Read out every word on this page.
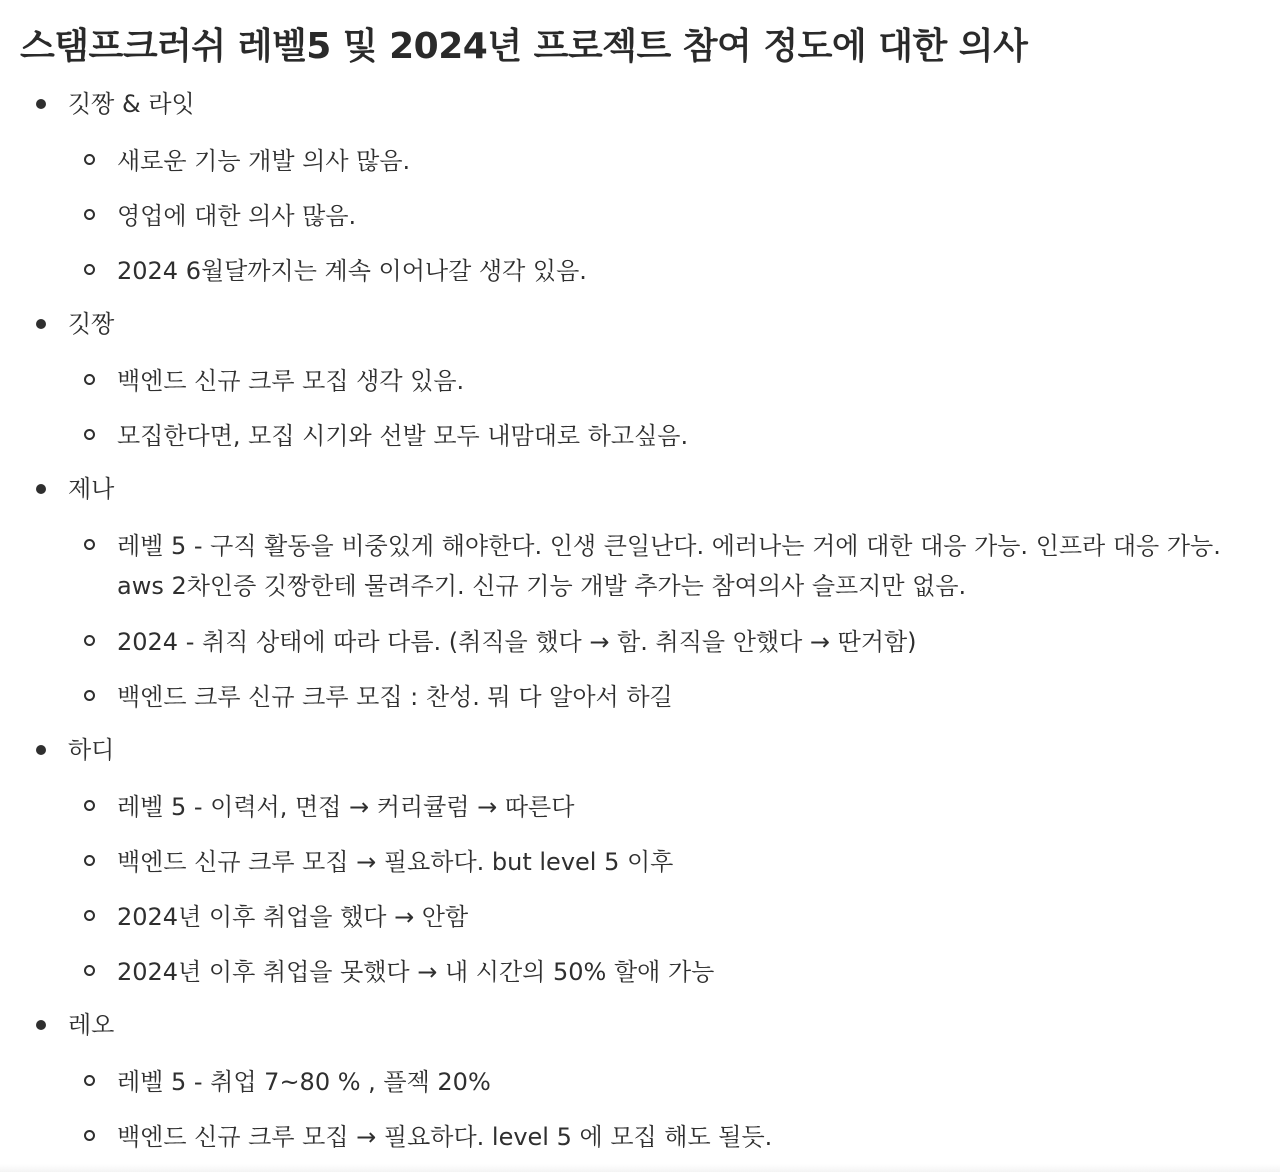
스탬프크러쉬 레벨5 및 2024년 프로젝트 참여 정도에 대한 의사
깃짱 & 라잇
새로운 기능 개발 의사 많음.
영업에 대한 의사 많음.
2024 6월달까지는 계속 이어나갈 생각 있음.
깃짱
백엔드 신규 크루 모집 생각 있음.
모집한다면, 모집 시기와 선발 모두 내맘대로 하고싶음.
제나
레벨 5 - 구직 활동을 비중있게 해야한다. 인생 큰일난다. 에러나는 거에 대한 대응 가능. 인프라 대응 가능. aws 2차인증 깃짱한테 물려주기. 신규 기능 개발 추가는 참여의사 슬프지만 없음.
2024 - 취직 상태에 따라 다름. (취직을 했다 → 함. 취직을 안했다 → 딴거함)
백엔드 크루 신규 크루 모집 : 찬성. 뭐 다 알아서 하길
하디
레벨 5 - 이력서, 면접 → 커리큘럼 → 따른다
백엔드 신규 크루 모집 → 필요하다. but level 5 이후
2024년 이후 취업을 했다 → 안함
2024년 이후 취업을 못했다 → 내 시간의 50% 할애 가능
레오
레벨 5 - 취업 7~80 % , 플젝 20%
백엔드 신규 크루 모집 → 필요하다. level 5 에 모집 해도 될듯.
